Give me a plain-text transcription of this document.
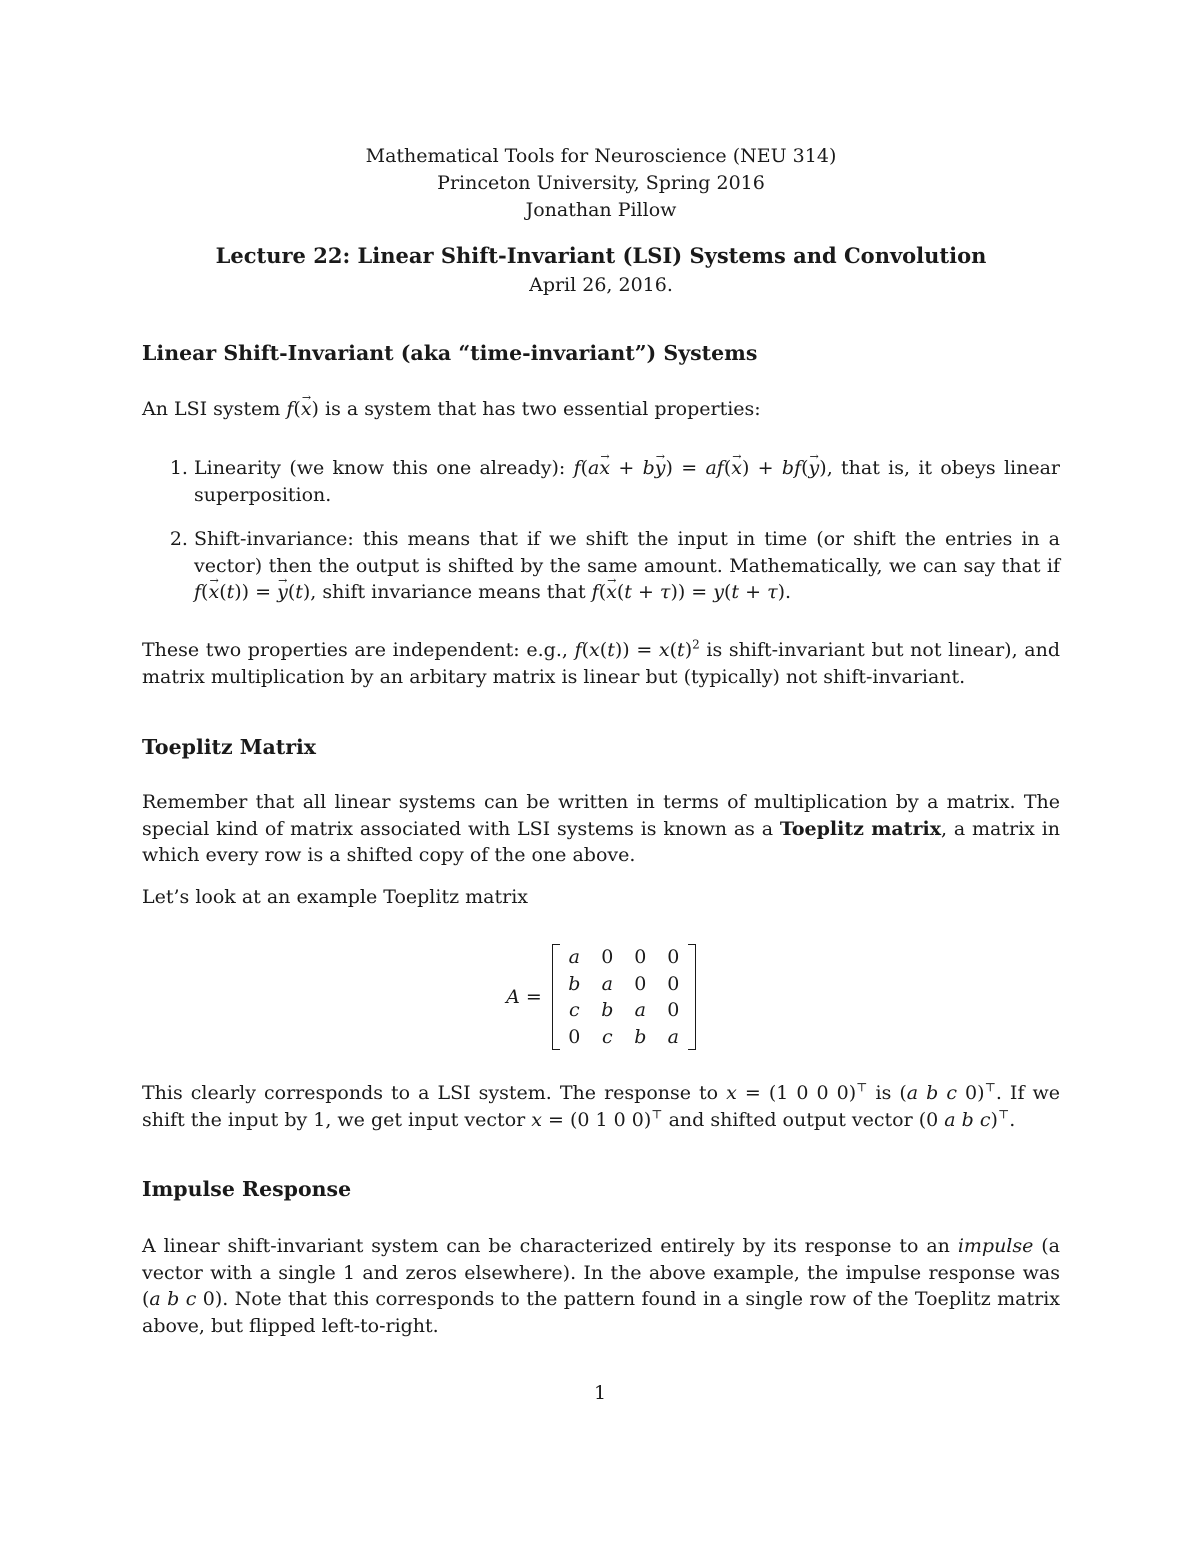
Mathematical Tools for Neuroscience (NEU 314)
Princeton University, Spring 2016
Jonathan Pillow
Lecture 22: Linear Shift-Invariant (LSI) Systems and Convolution
April 26, 2016.
Linear Shift-Invariant (aka “time-invariant”) Systems

An LSI system f(→ x) is a system that has two essential properties:

1. Linearity (we know this one already): f(a→ x + b→ y) = af(→ x) + bf(→ y), that is, it obeys linear superposition.
2. Shift-invariance: this means that if we shift the input in time (or shift the entries in a vector) then the output is shifted by the same amount. Mathematically, we can say that if f(→ x(t)) = → y(t), shift invariance means that f(→ x(t + τ)) = y(t + τ).

These two properties are independent: e.g., $f(x(t)) = x(t)^2$ is shift-invariant but not linear), and matrix multiplication by an arbitary matrix is linear but (typically) not shift-invariant.

Toeplitz Matrix

Remember that all linear systems can be written in terms of multiplication by a matrix. The special kind of matrix associated with LSI systems is known as a Toeplitz matrix, a matrix in which every row is a shifted copy of the one above.

Let’s look at an example Toeplitz matrix

A =
a	0	0	0
b	a	0	0
c	b	a	0
0	c	b	a

This clearly corresponds to a LSI system. The response to x = (1 0 0 0)⊤ is (a b c 0)⊤. If we shift the input by 1, we get input vector x = (0 1 0 0)⊤ and shifted output vector (0 a b c)⊤.

Impulse Response

A linear shift-invariant system can be characterized entirely by its response to an impulse (a vector with a single 1 and zeros elsewhere). In the above example, the impulse response was (a b c 0). Note that this corresponds to the pattern found in a single row of the Toeplitz matrix above, but flipped left-to-right.

1
